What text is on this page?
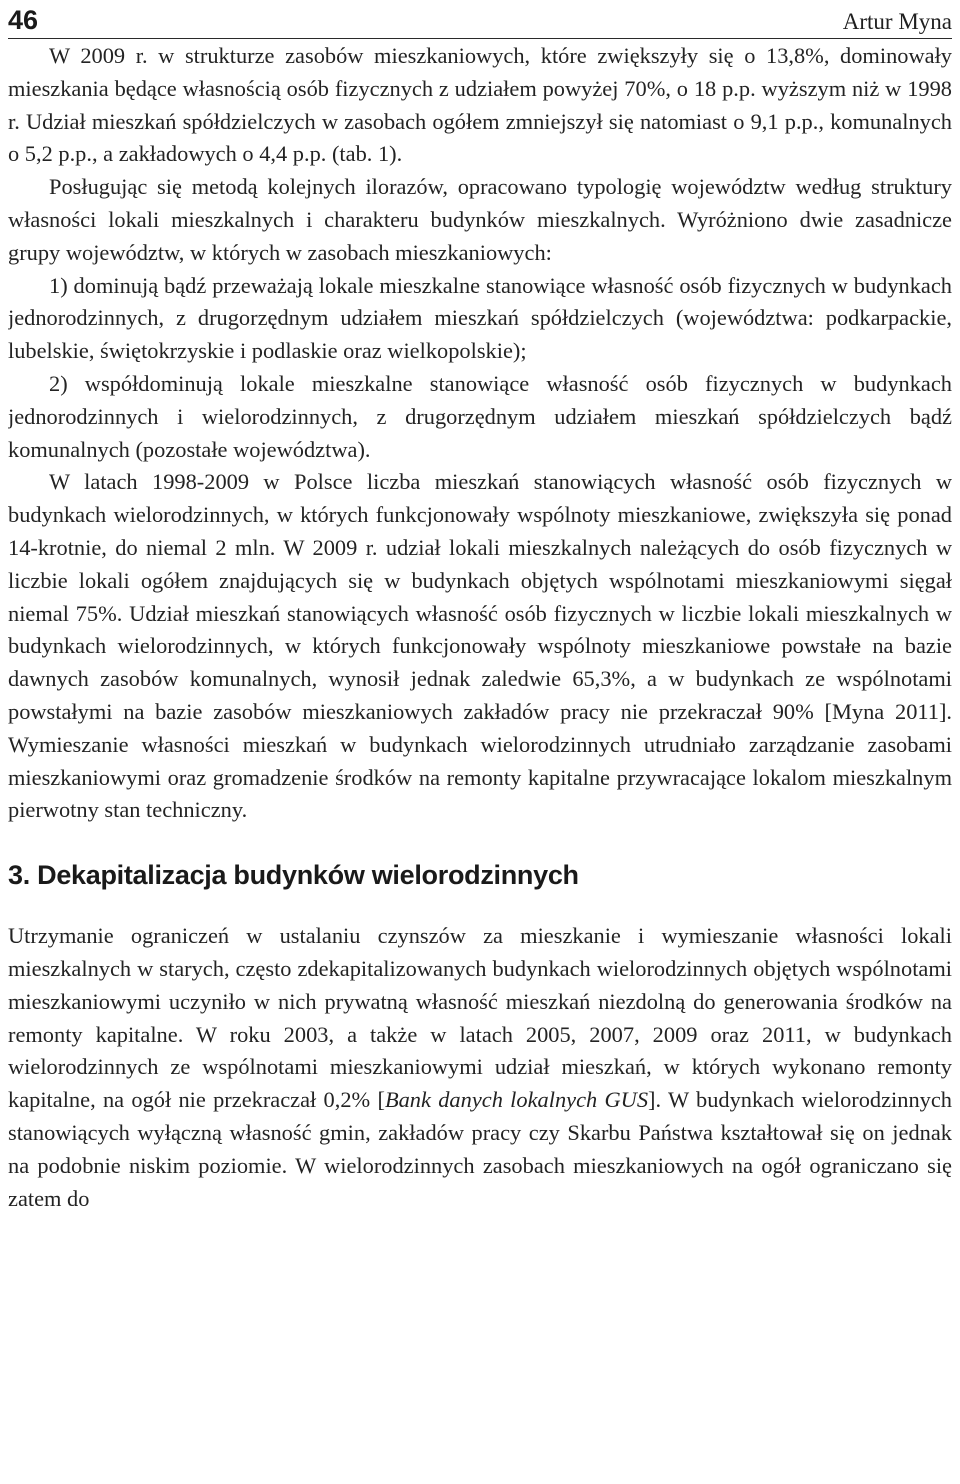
46	Artur Myna

W 2009 r. w strukturze zasobów mieszkaniowych, które zwiększyły się o 13,8%, dominowały mieszkania będące własnością osób fizycznych z udziałem powyżej 70%, o 18 p.p. wyższym niż w 1998 r. Udział mieszkań spółdzielczych w zasobach ogółem zmniejszył się natomiast o 9,1 p.p., komunalnych o 5,2 p.p., a zakładowych o 4,4 p.p. (tab. 1).

Posługując się metodą kolejnych ilorazów, opracowano typologię województw według struktury własności lokali mieszkalnych i charakteru budynków mieszkalnych. Wyróżniono dwie zasadnicze grupy województw, w których w zasobach mieszkaniowych:

1) dominują bądź przeważają lokale mieszkalne stanowiące własność osób fizycznych w budynkach jednorodzinnych, z drugorzędnym udziałem mieszkań spółdzielczych (województwa: podkarpackie, lubelskie, świętokrzyskie i podlaskie oraz wielkopolskie);

2) współdominują lokale mieszkalne stanowiące własność osób fizycznych w budynkach jednorodzinnych i wielorodzinnych, z drugorzędnym udziałem mieszkań spółdzielczych bądź komunalnych (pozostałe województwa).

W latach 1998-2009 w Polsce liczba mieszkań stanowiących własność osób fizycznych w budynkach wielorodzinnych, w których funkcjonowały wspólnoty mieszkaniowe, zwiększyła się ponad 14-krotnie, do niemal 2 mln. W 2009 r. udział lokali mieszkalnych należących do osób fizycznych w liczbie lokali ogółem znajdujących się w budynkach objętych wspólnotami mieszkaniowymi sięgał niemal 75%. Udział mieszkań stanowiących własność osób fizycznych w liczbie lokali mieszkalnych w budynkach wielorodzinnych, w których funkcjonowały wspólnoty mieszkaniowe powstałe na bazie dawnych zasobów komunalnych, wynosił jednak zaledwie 65,3%, a w budynkach ze wspólnotami powstałymi na bazie zasobów mieszkaniowych zakładów pracy nie przekraczał 90% [Myna 2011]. Wymieszanie własności mieszkań w budynkach wielorodzinnych utrudniało zarządzanie zasobami mieszkaniowymi oraz gromadzenie środków na remonty kapitalne przywracające lokalom mieszkalnym pierwotny stan techniczny.

3. Dekapitalizacja budynków wielorodzinnych

Utrzymanie ograniczeń w ustalaniu czynszów za mieszkanie i wymieszanie własności lokali mieszkalnych w starych, często zdekapitalizowanych budynkach wielorodzinnych objętych wspólnotami mieszkaniowymi uczyniło w nich prywatną własność mieszkań niezdolną do generowania środków na remonty kapitalne. W roku 2003, a także w latach 2005, 2007, 2009 oraz 2011, w budynkach wielorodzinnych ze wspólnotami mieszkaniowymi udział mieszkań, w których wykonano remonty kapitalne, na ogół nie przekraczał 0,2% [Bank danych lokalnych GUS]. W budynkach wielorodzinnych stanowiących wyłączną własność gmin, zakładów pracy czy Skarbu Państwa kształtował się on jednak na podobnie niskim poziomie. W wielorodzinnych zasobach mieszkaniowych na ogół ograniczano się zatem do
